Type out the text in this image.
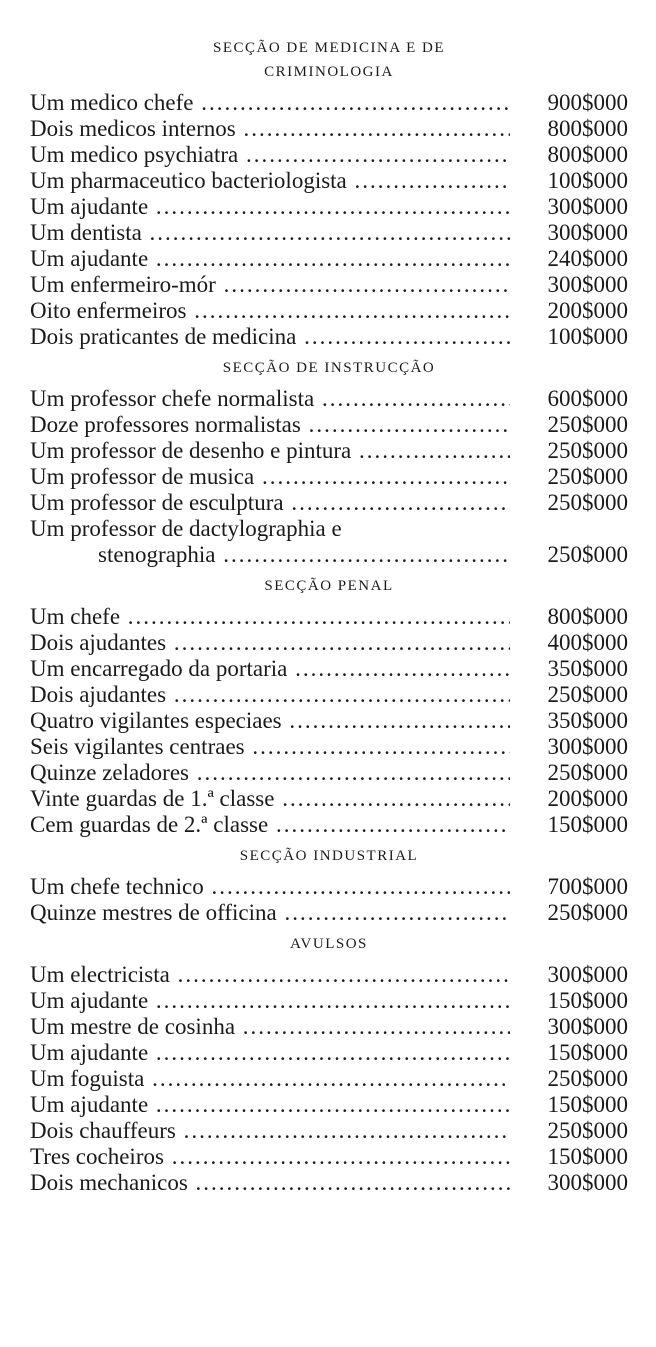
SECÇÃO DE MEDICINA E DE
CRIMINOLOGIA
Um medico chefe .....	900$000
Dois medicos internos .....	800$000
Um medico psychiatra .....	800$000
Um pharmaceutico bacteriologista .....	100$000
Um ajudante .....	300$000
Um dentista .....	300$000
Um ajudante .....	240$000
Um enfermeiro-mór .....	300$000
Oito enfermeiros .....	200$000
Dois praticantes de medicina .....	100$000
SECÇÃO DE INSTRUCÇÃO
Um professor chefe normalista .....	600$000
Doze professores normalistas .....	250$000
Um professor de desenho e pintura .....	250$000
Um professor de musica .....	250$000
Um professor de esculptura .....	250$000
Um professor de dactylographia e
stenographia .....	250$000
SECÇÃO PENAL
Um chefe .....	800$000
Dois ajudantes .....	400$000
Um encarregado da portaria .....	350$000
Dois ajudantes .....	250$000
Quatro vigilantes especiaes .....	350$000
Seis vigilantes centraes .....	300$000
Quinze zeladores .....	250$000
Vinte guardas de 1.ª classe .....	200$000
Cem guardas de 2.ª classe .....	150$000
SECÇÃO INDUSTRIAL
Um chefe technico .....	700$000
Quinze mestres de officina .....	250$000
AVULSOS
Um electricista .....	300$000
Um ajudante .....	150$000
Um mestre de cosinha .....	300$000
Um ajudante .....	150$000
Um foguista .....	250$000
Um ajudante .....	150$000
Dois chauffeurs .....	250$000
Tres cocheiros .....	150$000
Dois mechanicos .....	300$000
